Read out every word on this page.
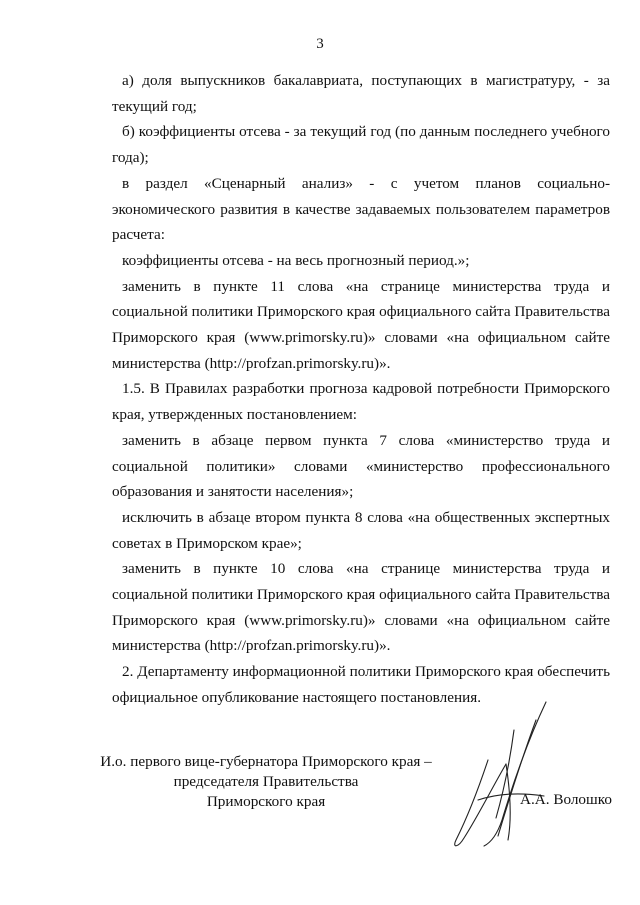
3

а) доля выпускников бакалавриата, поступающих в магистратуру, - за текущий год;

б) коэффициенты отсева - за текущий год (по данным последнего учебного года);

в раздел «Сценарный анализ» - с учетом планов социально-экономического развития в качестве задаваемых пользователем параметров расчета:

коэффициенты отсева - на весь прогнозный период.»;

заменить в пункте 11 слова «на странице министерства труда и социальной политики Приморского края официального сайта Правительства Приморского края (www.primorsky.ru)» словами «на официальном сайте министерства (http://profzan.primorsky.ru)».

1.5. В Правилах разработки прогноза кадровой потребности Приморского края, утвержденных постановлением:

заменить в абзаце первом пункта 7 слова «министерство труда и социальной политики» словами «министерство профессионального образования и занятости населения»;

исключить в абзаце втором пункта 8 слова «на общественных экспертных советах в Приморском крае»;

заменить в пункте 10 слова «на странице министерства труда и социальной политики Приморского края официального сайта Правительства Приморского края (www.primorsky.ru)» словами «на официальном сайте министерства (http://profzan.primorsky.ru)».

2. Департаменту информационной политики Приморского края обеспечить официальное опубликование настоящего постановления.

И.о. первого вице-губернатора Приморского края –
председателя Правительства
Приморского края	А.А. Волошко
